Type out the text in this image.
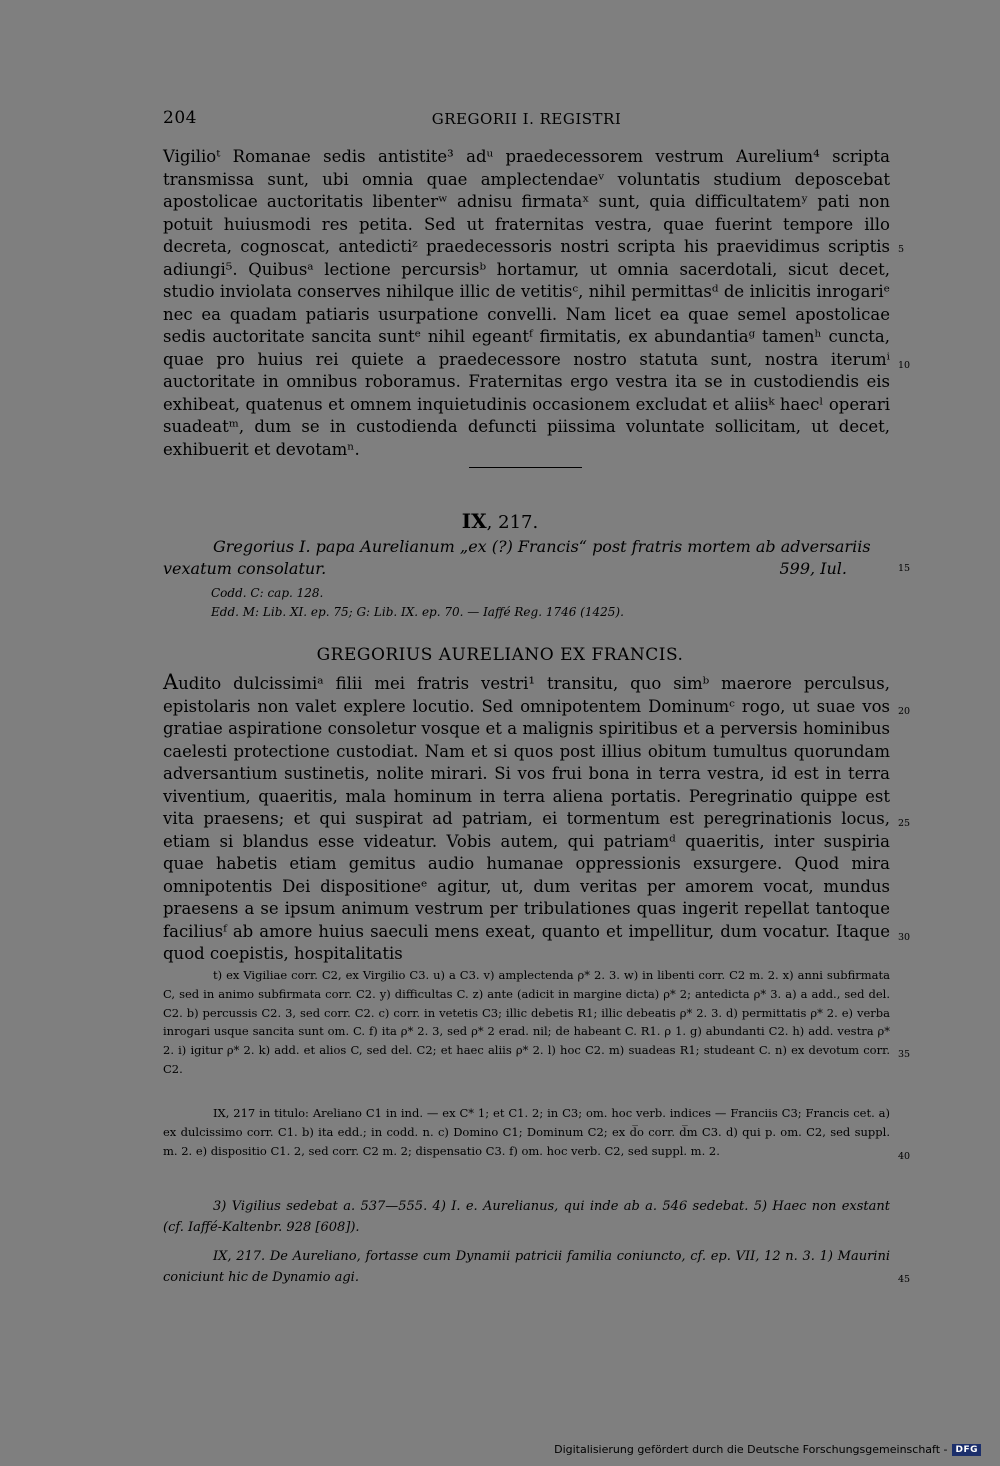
204	GREGORII I. REGISTRI

Vigilioᵗ Romanae sedis antistite³ adᵘ praedecessorem vestrum Aurelium⁴ scripta transmissa sunt, ubi omnia quae amplectendaeᵛ voluntatis studium deposcebat apostolicae auctoritatis libenterʷ adnisu firmataˣ sunt, quia difficultatemʸ pati non potuit huiusmodi res petita. Sed ut fraternitas vestra, quae fuerint tempore illo decreta, cognoscat, antedictiᶻ praedecessoris nostri scripta his praevidimus scriptis adiungi⁵. Quibusᵃ lectione percursisᵇ hortamur, ut omnia sacerdotali, sicut decet, studio inviolata conserves nihilque illic de vetitisᶜ, nihil permittasᵈ de inlicitis inrogariᵉ nec ea quadam patiaris usurpatione convelli. Nam licet ea quae semel apostolicae sedis auctoritate sancita suntᵉ nihil egeantᶠ firmitatis, ex abundantiaᵍ tamenʰ cuncta, quae pro huius rei quiete a praedecessore nostro statuta sunt, nostra iterumⁱ auctoritate in omnibus roboramus. Fraternitas ergo vestra ita se in custodiendis eis exhibeat, quatenus et omnem inquietudinis occasionem excludat et aliisᵏ haecˡ operari suadeatᵐ, dum se in custodienda defuncti piissima voluntate sollicitam, ut decet, exhibuerit et devotamⁿ.

5
10
15
20
25
30
35
40
45
IX, 217.
Gregorius I. papa Aurelianum „ex (?) Francis“ post fratris mortem ab adversariis
vexatum consolatur.	599, Iul.
Codd. C: cap. 128.
Edd. M: Lib. XI. ep. 75; G: Lib. IX. ep. 70. — Iaffé Reg. 1746 (1425).
GREGORIUS AURELIANO EX FRANCIS.

Audito dulcissimiᵃ filii mei fratris vestri¹ transitu, quo simᵇ maerore perculsus, epistolaris non valet explere locutio. Sed omnipotentem Dominumᶜ rogo, ut suae vos gratiae aspiratione consoletur vosque et a malignis spiritibus et a perversis hominibus caelesti protectione custodiat. Nam et si quos post illius obitum tumultus quorundam adversantium sustinetis, nolite mirari. Si vos frui bona in terra vestra, id est in terra viventium, quaeritis, mala hominum in terra aliena portatis. Peregrinatio quippe est vita praesens; et qui suspirat ad patriam, ei tormentum est peregrinationis locus, etiam si blandus esse videatur. Vobis autem, qui patriamᵈ quaeritis, inter suspiria quae habetis etiam gemitus audio humanae oppressionis exsurgere. Quod mira omnipotentis Dei dispositioneᵉ agitur, ut, dum veritas per amorem vocat, mundus praesens a se ipsum animum vestrum per tribulationes quas ingerit repellat tantoque faciliusᶠ ab amore huius saeculi mens exeat, quanto et impellitur, dum vocatur. Itaque quod coepistis, hospitalitatis

t) ex Vigiliae corr. C2, ex Virgilio C3. u) a C3. v) amplectenda ρ* 2. 3. w) in libenti corr. C2 m. 2. x) anni subfirmata C, sed in animo subfirmata corr. C2. y) difficultas C. z) ante (adicit in margine dicta) ρ* 2; antedicta ρ* 3. a) a add., sed del. C2. b) percussis C2. 3, sed corr. C2. c) corr. in vetetis C3; illic debetis R1; illic debeatis ρ* 2. 3. d) permittatis ρ* 2. e) verba inrogari usque sancita sunt om. C. f) ita ρ* 2. 3, sed ρ* 2 erad. nil; de habeant C. R1. ρ 1. g) abundanti C2. h) add. vestra ρ* 2. i) igitur ρ* 2. k) add. et alios C, sed del. C2; et haec aliis ρ* 2. l) hoc C2. m) suadeas R1; studeant C. n) ex devotum corr. C2.

IX, 217 in titulo: Areliano C1 in ind. — ex C* 1; et C1. 2; in C3; om. hoc verb. indices — Franciis C3; Francis cet. a) ex dulcissimo corr. C1. b) ita edd.; in codd. n. c) Domino C1; Dominum C2; ex d̅o corr. d̅m C3. d) qui p. om. C2, sed suppl. m. 2. e) dispositio C1. 2, sed corr. C2 m. 2; dispensatio C3. f) om. hoc verb. C2, sed suppl. m. 2.

3) Vigilius sedebat a. 537—555. 4) I. e. Aurelianus, qui inde ab a. 546 sedebat. 5) Haec non exstant (cf. Iaffé-Kaltenbr. 928 [608]).

IX, 217. De Aureliano, fortasse cum Dynamii patricii familia coniuncto, cf. ep. VII, 12 n. 3. 1) Maurini coniciunt hic de Dynamio agi.

Digitalisierung gefördert durch die Deutsche Forschungsgemeinschaft - DFG
